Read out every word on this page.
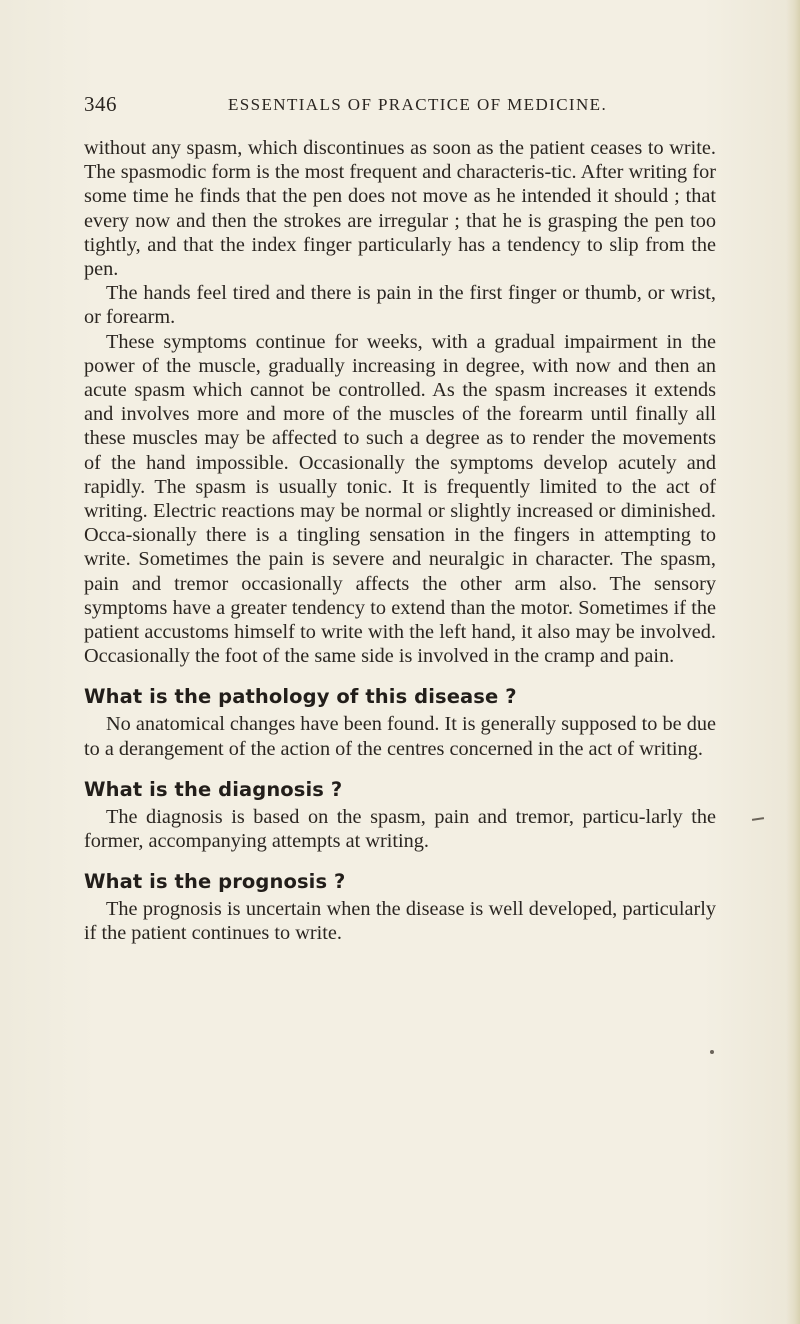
346	ESSENTIALS OF PRACTICE OF MEDICINE.

without any spasm, which discontinues as soon as the patient ceases to write. The spasmodic form is the most frequent and characteris-tic. After writing for some time he finds that the pen does not move as he intended it should ; that every now and then the strokes are irregular ; that he is grasping the pen too tightly, and that the index finger particularly has a tendency to slip from the pen.

The hands feel tired and there is pain in the first finger or thumb, or wrist, or forearm.

These symptoms continue for weeks, with a gradual impairment in the power of the muscle, gradually increasing in degree, with now and then an acute spasm which cannot be controlled. As the spasm increases it extends and involves more and more of the muscles of the forearm until finally all these muscles may be affected to such a degree as to render the movements of the hand impossible. Occasionally the symptoms develop acutely and rapidly. The spasm is usually tonic. It is frequently limited to the act of writing. Electric reactions may be normal or slightly increased or diminished. Occa-sionally there is a tingling sensation in the fingers in attempting to write. Sometimes the pain is severe and neuralgic in character. The spasm, pain and tremor occasionally affects the other arm also. The sensory symptoms have a greater tendency to extend than the motor. Sometimes if the patient accustoms himself to write with the left hand, it also may be involved. Occasionally the foot of the same side is involved in the cramp and pain.

What is the pathology of this disease ?

No anatomical changes have been found. It is generally supposed to be due to a derangement of the action of the centres concerned in the act of writing.

What is the diagnosis ?

The diagnosis is based on the spasm, pain and tremor, particu-larly the former, accompanying attempts at writing.

What is the prognosis ?

The prognosis is uncertain when the disease is well developed, particularly if the patient continues to write.
